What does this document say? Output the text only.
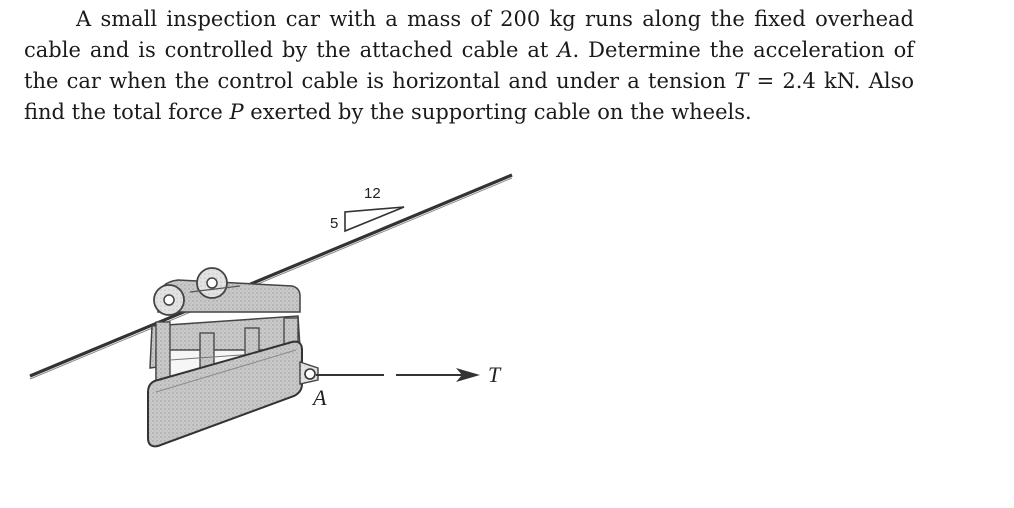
A small inspection car with a mass of 200 kg runs along the fixed overhead cable and is controlled by the attached cable at A. Determine the acceleration of the car when the control cable is horizontal and under a tension T = 2.4 kN. Also find the total force P exerted by the supporting cable on the wheels.

12
5
A
T
